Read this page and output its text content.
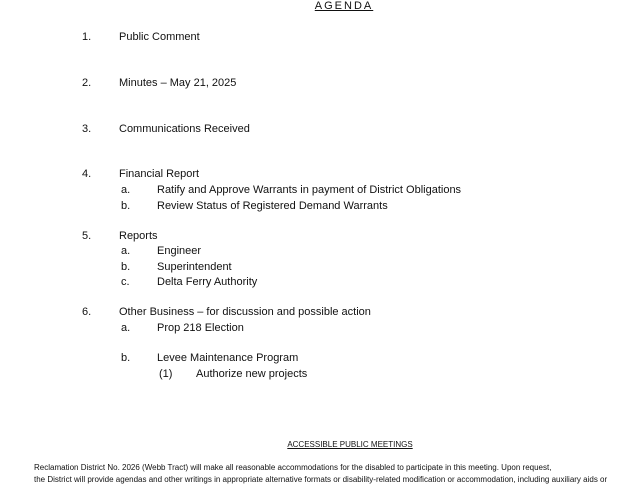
AGENDA
1.	Public Comment
2.	Minutes – May 21, 2025
3.	Communications Received
4.	Financial Report
a. Ratify and Approve Warrants in payment of District Obligations
b. Review Status of Registered Demand Warrants
5.	Reports
a. Engineer
b. Superintendent
c. Delta Ferry Authority
6.	Other Business – for discussion and possible action
a. Prop 218 Election
b. Levee Maintenance Program
(1) Authorize new projects
ACCESSIBLE PUBLIC MEETINGS
Reclamation District No. 2026 (Webb Tract) will make all reasonable accommodations for the disabled to participate in this meeting. Upon request,
the District will provide agendas and other writings in appropriate alternative formats or disability-related modification or accommodation, including auxiliary aids or
